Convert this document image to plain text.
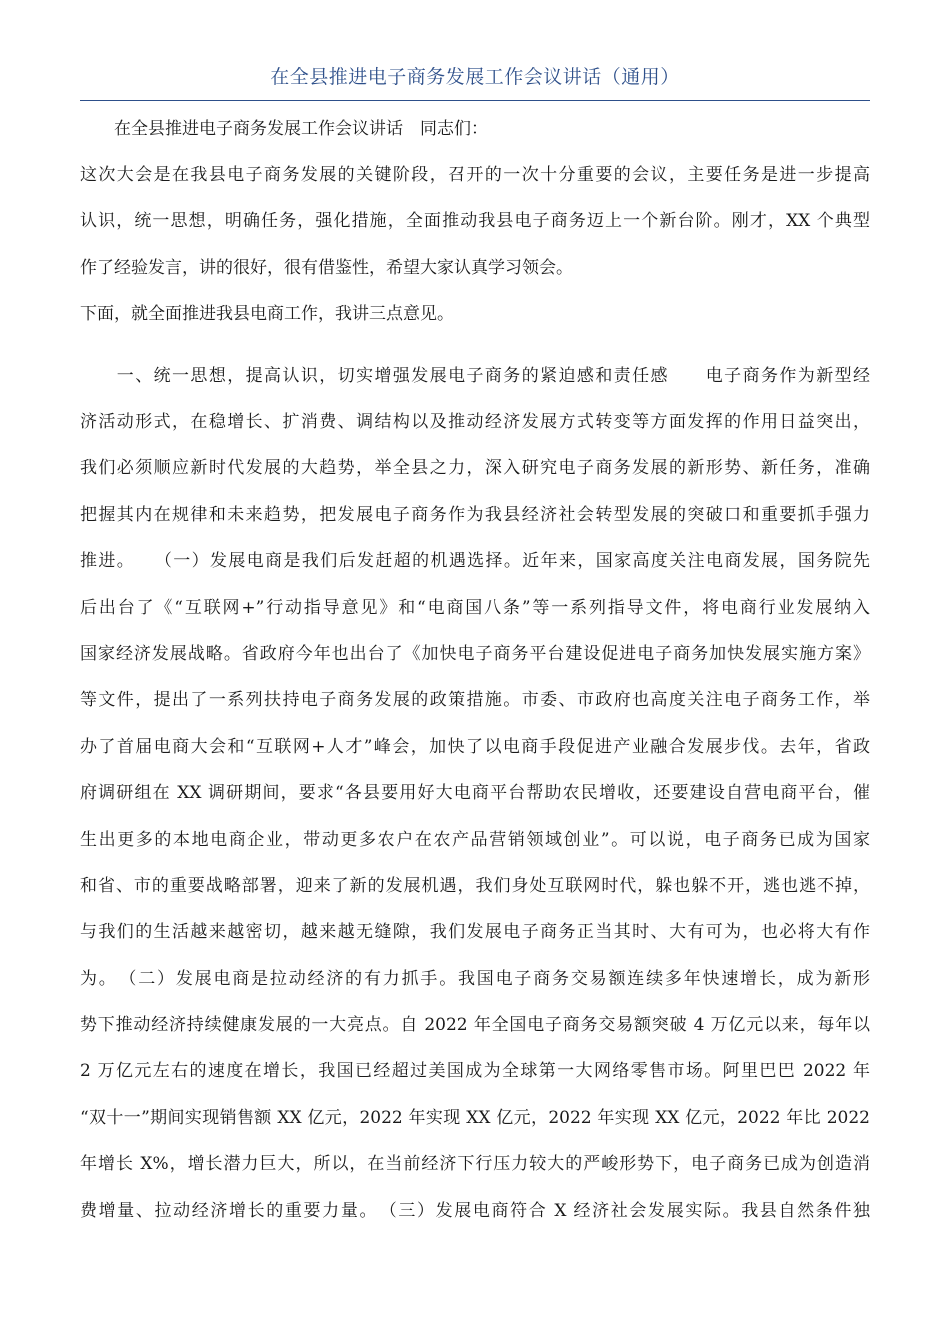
在全县推进电子商务发展工作会议讲话（通用）
　　在全县推进电子商务发展工作会议讲话　同志们：
这次大会是在我县电子商务发展的关键阶段，召开的一次十分重要的会议，主要任务是进一步提高
认识，统一思想，明确任务，强化措施，全面推动我县电子商务迈上一个新台阶。刚才，XX 个典型
作了经验发言，讲的很好，很有借鉴性，希望大家认真学习领会。
下面，就全面推进我县电商工作，我讲三点意见。
　　一、统一思想，提高认识，切实增强发展电子商务的紧迫感和责任感　　电子商务作为新型经
济活动形式，在稳增长、扩消费、调结构以及推动经济发展方式转变等方面发挥的作用日益突出，
我们必须顺应新时代发展的大趋势，举全县之力，深入研究电子商务发展的新形势、新任务，准确
把握其内在规律和未来趋势，把发展电子商务作为我县经济社会转型发展的突破口和重要抓手强力
推进。　　（一）发展电商是我们后发赶超的机遇选择。近年来，国家高度关注电商发展，国务院先
后出台了《“互联网+”行动指导意见》和“电商国八条”等一系列指导文件，将电商行业发展纳入
国家经济发展战略。省政府今年也出台了《加快电子商务平台建设促进电子商务加快发展实施方案》
等文件，提出了一系列扶持电子商务发展的政策措施。市委、市政府也高度关注电子商务工作，举
办了首届电商大会和“互联网+人才”峰会，加快了以电商手段促进产业融合发展步伐。去年，省政
府调研组在 XX 调研期间，要求“各县要用好大电商平台帮助农民增收，还要建设自营电商平台，催
生出更多的本地电商企业，带动更多农户在农产品营销领域创业”。可以说，电子商务已成为国家
和省、市的重要战略部署，迎来了新的发展机遇，我们身处互联网时代，躲也躲不开，逃也逃不掉，
与我们的生活越来越密切，越来越无缝隙，我们发展电子商务正当其时、大有可为，也必将大有作
为。　（二）发展电商是拉动经济的有力抓手。我国电子商务交易额连续多年快速增长，成为新形
势下推动经济持续健康发展的一大亮点。自 2022 年全国电子商务交易额突破 4 万亿元以来，每年以
2 万亿元左右的速度在增长，我国已经超过美国成为全球第一大网络零售市场。阿里巴巴 2022 年
“双十一”期间实现销售额 XX 亿元，2022 年实现 XX 亿元，2022 年实现 XX 亿元，2022 年比 2022
年增长 X%，增长潜力巨大，所以，在当前经济下行压力较大的严峻形势下，电子商务已成为创造消
费增量、拉动经济增长的重要力量。　（三）发展电商符合 X 经济社会发展实际。我县自然条件独
